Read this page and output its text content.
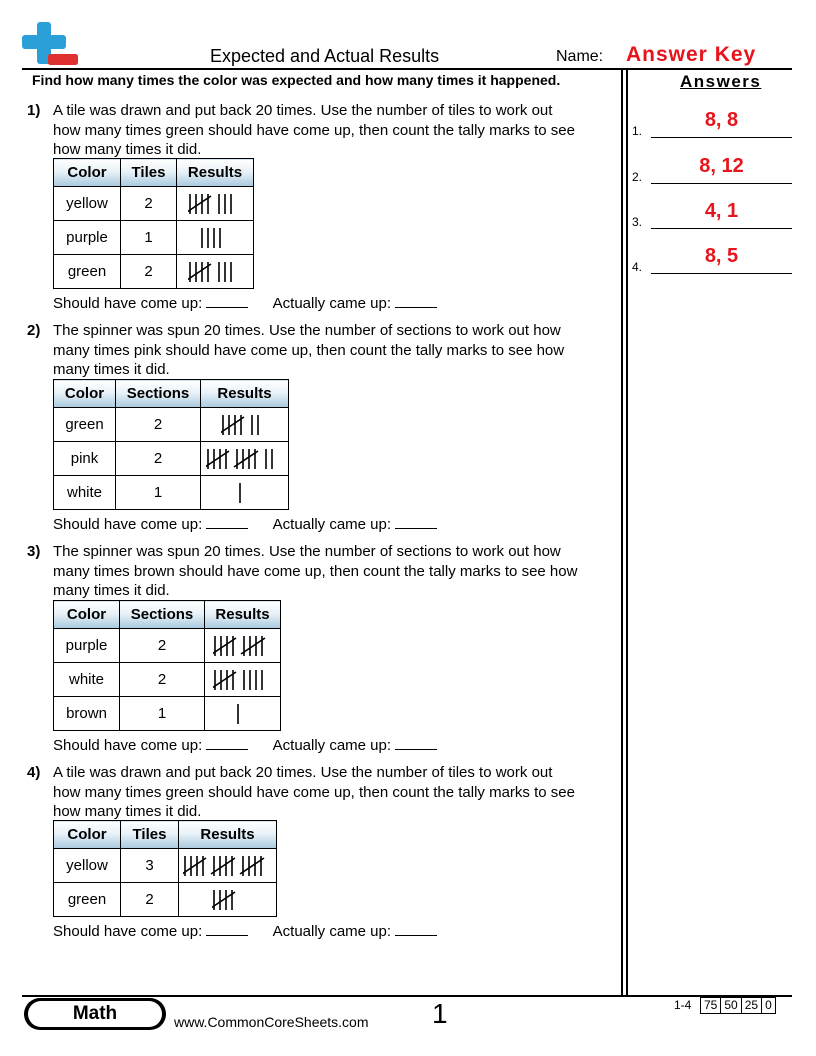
Expected and Actual Results	Name: Answer Key
Find how many times the color was expected and how many times it happened.	Answers
1.	8, 8
2.	8, 12
3.	4, 1
4.	8, 5
1) A tile was drawn and put back 20 times. Use the number of tiles to work out
how many times green should have come up, then count the tally marks to see
how many times it did.
Color	Tiles	Results
yellow	2	

purple	1	

green	2	
Should have come up:	Actually came up:
2) The spinner was spun 20 times. Use the number of sections to work out how
many times pink should have come up, then count the tally marks to see how
many times it did.
Color	Sections	Results
green	2	

pink	2	

white	1	
Should have come up:	Actually came up:
3) The spinner was spun 20 times. Use the number of sections to work out how
many times brown should have come up, then count the tally marks to see how
many times it did.
Color	Sections	Results
purple	2	

white	2	

brown	1	
Should have come up:	Actually came up:
4) A tile was drawn and put back 20 times. Use the number of tiles to work out
how many times green should have come up, then count the tally marks to see
how many times it did.
Color	Tiles	Results
yellow	3	

green	2	
Should have come up:	Actually came up:
Math	www.CommonCoreSheets.com 1	1-4 75 50 25 0
